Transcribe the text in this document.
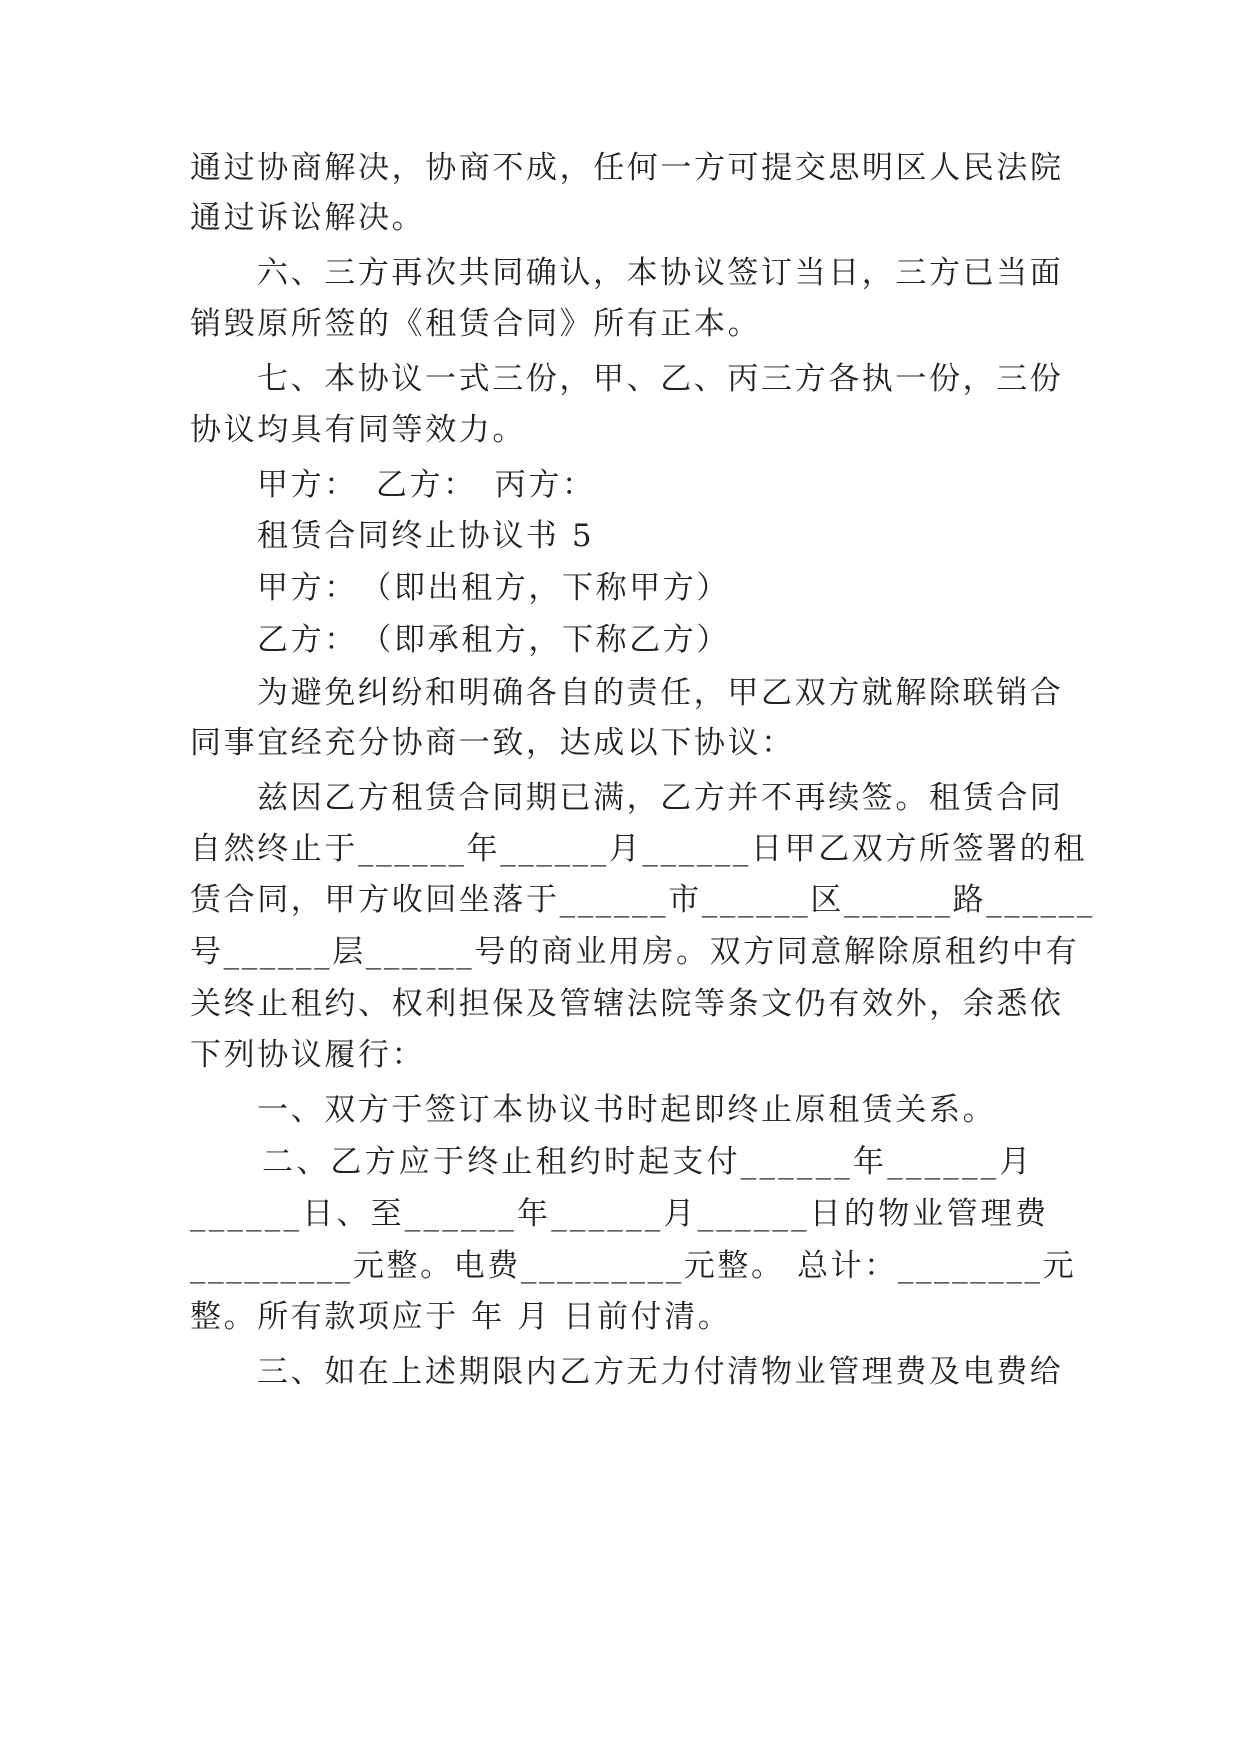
通过协商解决，协商不成，任何一方可提交思明区人民法院
通过诉讼解决。
六、三方再次共同确认，本协议签订当日，三方已当面
销毁原所签的《租赁合同》所有正本。
七、本协议一式三份，甲、乙、丙三方各执一份，三份
协议均具有同等效力。
甲方：　乙方：　丙方：
租赁合同终止协议书 5
甲方：　（即出租方，下称甲方）
乙方：　（即承租方，下称乙方）
为避免纠纷和明确各自的责任，甲乙双方就解除联销合
同事宜经充分协商一致，达成以下协议：
兹因乙方租赁合同期已满，乙方并不再续签。租赁合同
自然终止于______年______月______日甲乙双方所签署的租
赁合同，甲方收回坐落于______市______区______路______
号______层______号的商业用房。双方同意解除原租约中有
关终止租约、权利担保及管辖法院等条文仍有效外，余悉依
下列协议履行：
一、双方于签订本协议书时起即终止原租赁关系。
二、乙方应于终止租约时起支付______年______月
______日、至______年______月______日的物业管理费
_________元整。电费_________元整。 总计：________元
整。所有款项应于 年 月 日前付清。
三、如在上述期限内乙方无力付清物业管理费及电费给
